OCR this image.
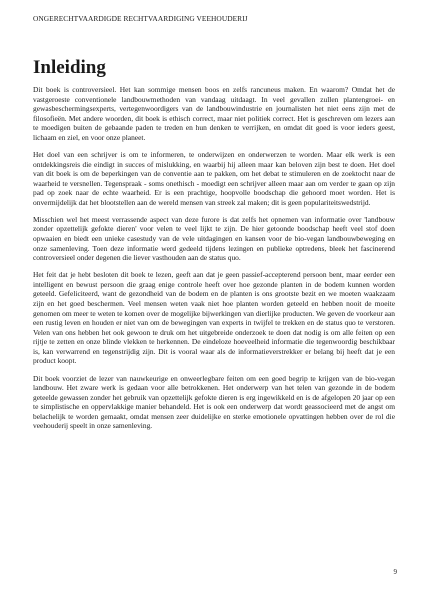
ONGERECHTVAARDIGDE RECHTVAARDIGING VEEHOUDERIJ
Inleiding

Dit boek is controversieel. Het kan sommige mensen boos en zelfs rancuneus maken. En waarom? Omdat het de vastgeroeste conventionele landbouwmethoden van vandaag uitdaagt. In veel gevallen zullen plantengroei- en gewasbeschermingsexperts, vertegenwoordigers van de landbouwindustrie en journalisten het niet eens zijn met de filosofieën. Met andere woorden, dit boek is ethisch correct, maar niet politiek correct. Het is geschreven om lezers aan te moedigen buiten de gebaande paden te treden en hun denken te verrijken, en omdat dit goed is voor ieders geest, lichaam en ziel, en voor onze planeet.

Het doel van een schrijver is om te informeren, te onderwijzen en onderwerzen te worden. Maar elk werk is een ontdekkingsreis die eindigt in succes of mislukking, en waarbij hij alleen maar kan beloven zijn best te doen. Het doel van dit boek is om de beperkingen van de conventie aan te pakken, om het debat te stimuleren en de zoektocht naar de waarheid te versnellen. Tegenspraak - soms onethisch - moedigt een schrijver alleen maar aan om verder te gaan op zijn pad op zoek naar de echte waarheid. Er is een prachtige, hoopvolle boodschap die gehoord moet worden. Het is onvermijdelijk dat het blootstellen aan de wereld mensen van streek zal maken; dit is geen populariteitswedstrijd.

Misschien wel het meest verrassende aspect van deze furore is dat zelfs het opnemen van informatie over 'landbouw zonder opzettelijk gefokte dieren' voor velen te veel lijkt te zijn. De hier getoonde boodschap heeft veel stof doen opwaaien en biedt een unieke casestudy van de vele uitdagingen en kansen voor de bio-vegan landbouwbeweging en onze samenleving. Toen deze informatie werd gedeeld tijdens lezingen en publieke optredens, bleek het fascinerend controversieel onder degenen die liever vasthouden aan de status quo.

Het feit dat je hebt besloten dit boek te lezen, geeft aan dat je geen passief-accepterend persoon bent, maar eerder een intelligent en bewust persoon die graag enige controle heeft over hoe gezonde planten in de bodem kunnen worden geteeld. Gefeliciteerd, want de gezondheid van de bodem en de planten is ons grootste bezit en we moeten waakzaam zijn en het goed beschermen. Veel mensen weten vaak niet hoe planten worden geteeld en hebben nooit de moeite genomen om meer te weten te komen over de mogelijke bijwerkingen van dierlijke producten. We geven de voorkeur aan een rustig leven en houden er niet van om de bewegingen van experts in twijfel te trekken en de status quo te verstoren. Velen van ons hebben het ook gewoon te druk om het uitgebreide onderzoek te doen dat nodig is om alle feiten op een rijtje te zetten en onze blinde vlekken te herkennen. De eindeloze hoeveelheid informatie die tegenwoordig beschikbaar is, kan verwarrend en tegenstrijdig zijn. Dit is vooral waar als de informatieverstrekker er belang bij heeft dat je een product koopt.

Dit boek voorziet de lezer van nauwkeurige en onweerlegbare feiten om een goed begrip te krijgen van de bio-vegan landbouw. Het zware werk is gedaan voor alle betrokkenen. Het onderwerp van het telen van gezonde in de bodem geteelde gewassen zonder het gebruik van opzettelijk gefokte dieren is erg ingewikkeld en is de afgelopen 20 jaar op een te simplistische en oppervlakkige manier behandeld. Het is ook een onderwerp dat wordt geassocieerd met de angst om belachelijk te worden gemaakt, omdat mensen zeer duidelijke en sterke emotionele opvattingen hebben over de rol die veehouderij speelt in onze samenleving.

9
